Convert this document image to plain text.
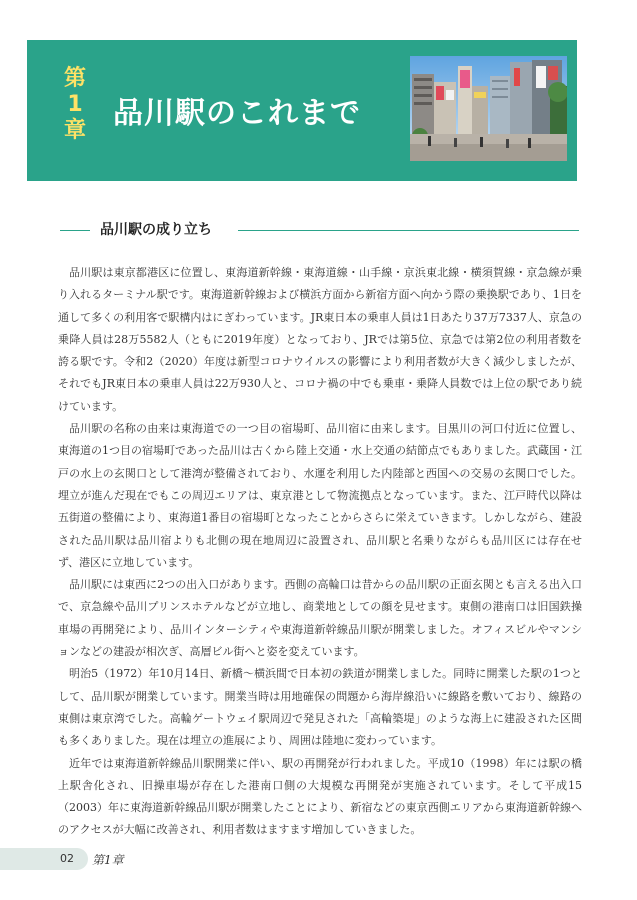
第
1
章 品川駅のこれまで
品川駅の成り立ち

品川駅は東京都港区に位置し、東海道新幹線・東海道線・山手線・京浜東北線・横須賀線・京急線が乗り入れるターミナル駅です。東海道新幹線および横浜方面から新宿方面へ向かう際の乗換駅であり、1日を通して多くの利用客で駅構内はにぎわっています。JR東日本の乗車人員は1日あたり37万7337人、京急の乗降人員は28万5582人（ともに2019年度）となっており、JRでは第5位、京急では第2位の利用者数を誇る駅です。令和2（2020）年度は新型コロナウイルスの影響により利用者数が大きく減少しましたが、それでもJR東日本の乗車人員は22万930人と、コロナ禍の中でも乗車・乗降人員数では上位の駅であり続けています。

品川駅の名称の由来は東海道での一つ目の宿場町、品川宿に由来します。目黒川の河口付近に位置し、東海道の1つ目の宿場町であった品川は古くから陸上交通・水上交通の結節点でもありました。武蔵国・江戸の水上の玄関口として港湾が整備されており、水運を利用した内陸部と西国への交易の玄関口でした。埋立が進んだ現在でもこの周辺エリアは、東京港として物流拠点となっています。また、江戸時代以降は五街道の整備により、東海道1番目の宿場町となったことからさらに栄えていきます。しかしながら、建設された品川駅は品川宿よりも北側の現在地周辺に設置され、品川駅と名乗りながらも品川区には存在せず、港区に立地しています。

品川駅には東西に2つの出入口があります。西側の高輪口は昔からの品川駅の正面玄関とも言える出入口で、京急線や品川プリンスホテルなどが立地し、商業地としての顔を見せます。東側の港南口は旧国鉄操車場の再開発により、品川インターシティや東海道新幹線品川駅が開業しました。オフィスビルやマンションなどの建設が相次ぎ、高層ビル街へと姿を変えています。

明治5（1972）年10月14日、新橋～横浜間で日本初の鉄道が開業しました。同時に開業した駅の1つとして、品川駅が開業しています。開業当時は用地確保の問題から海岸線沿いに線路を敷いており、線路の東側は東京湾でした。高輪ゲートウェイ駅周辺で発見された「高輪築堤」のような海上に建設された区間も多くありました。現在は埋立の進展により、周囲は陸地に変わっています。

近年では東海道新幹線品川駅開業に伴い、駅の再開発が行われました。平成10（1998）年には駅の橋上駅舎化され、旧操車場が存在した港南口側の大規模な再開発が実施されています。そして平成15（2003）年に東海道新幹線品川駅が開業したことにより、新宿などの東京西側エリアから東海道新幹線へのアクセスが大幅に改善され、利用者数はますます増加していきました。

02 第1章
